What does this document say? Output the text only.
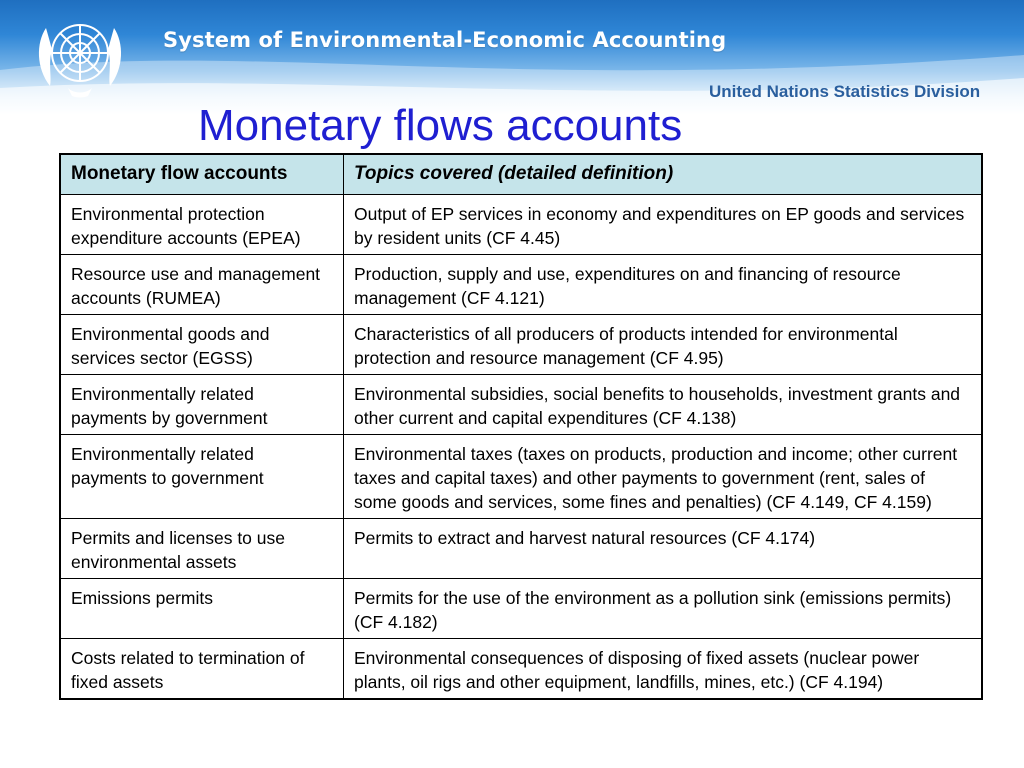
System of Environmental-Economic Accounting
United Nations Statistics Division
Monetary flows accounts
Monetary flow accounts	Topics covered (detailed definition)
Environmental protection expenditure accounts (EPEA)	Output of EP services in economy and expenditures on EP goods and services by resident units (CF 4.45)
Resource use and management accounts (RUMEA)	Production, supply and use, expenditures on and financing of resource management (CF 4.121)
Environmental goods and services sector (EGSS)	Characteristics of all producers of products intended for environmental protection and resource management (CF 4.95)
Environmentally related payments by government	Environmental subsidies, social benefits to households, investment grants and other current and capital expenditures (CF 4.138)
Environmentally related payments to government	Environmental taxes (taxes on products, production and income; other current taxes and capital taxes) and other payments to government (rent, sales of some goods and services, some fines and penalties) (CF 4.149, CF 4.159)
Permits and licenses to use environmental assets	Permits to extract and harvest natural resources (CF 4.174)
Emissions permits	Permits for the use of the environment as a pollution sink (emissions permits) (CF 4.182)
Costs related to termination of fixed assets	Environmental consequences of disposing of fixed assets (nuclear power plants, oil rigs and other equipment, landfills, mines, etc.) (CF 4.194)
